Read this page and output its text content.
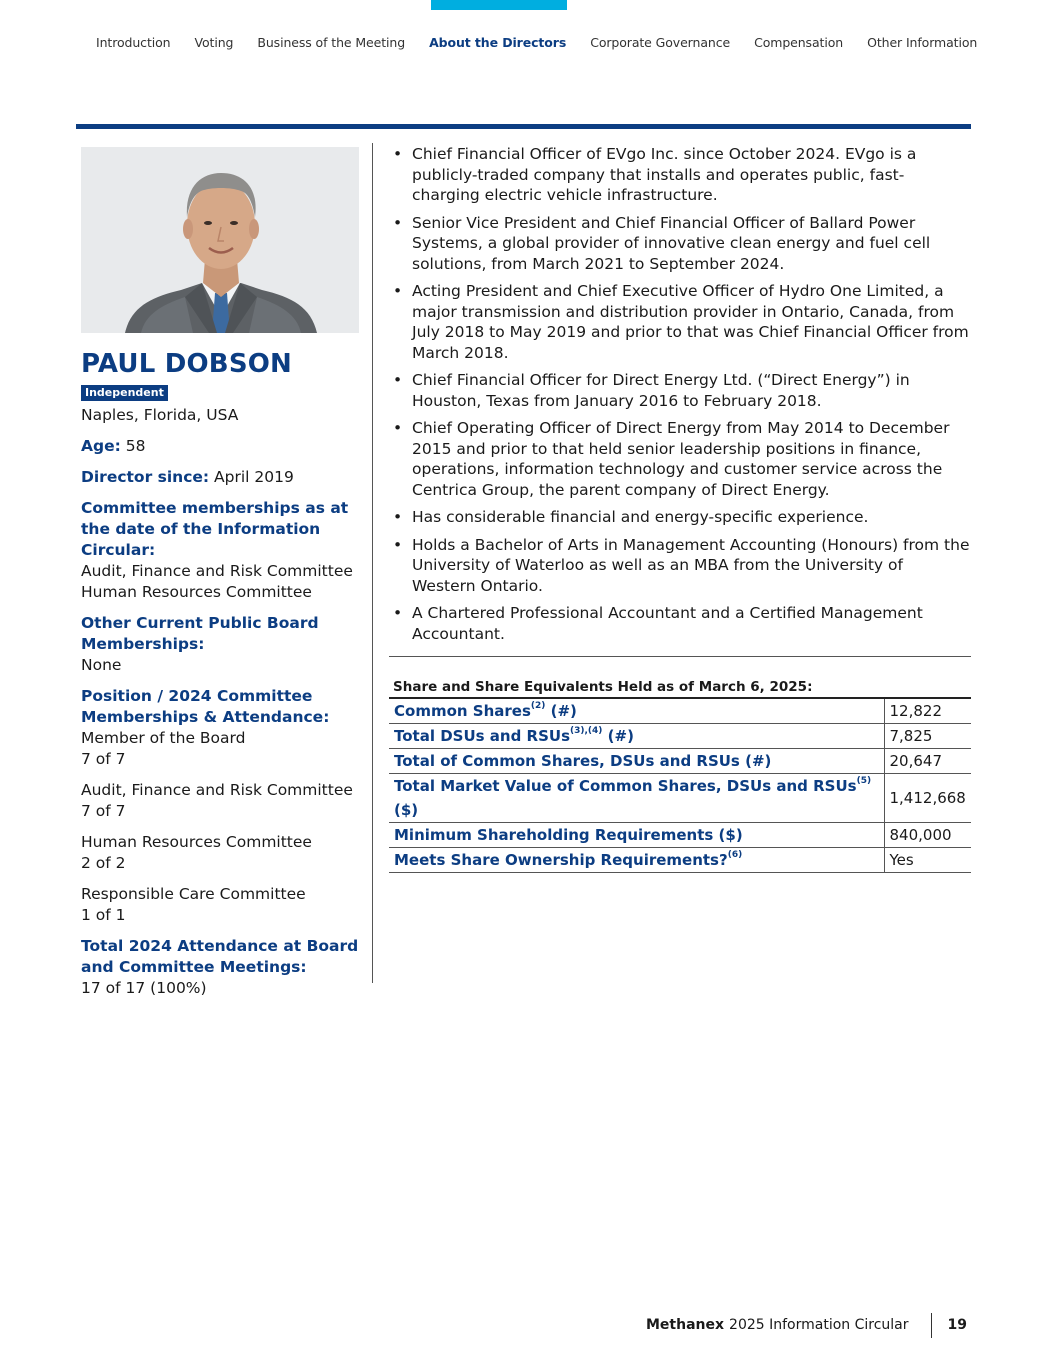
Introduction Voting Business of the Meeting About the Directors Corporate Governance Compensation Other Information
PAUL DOBSON
Independent

Naples, Florida, USA

Age: 58

Director since: April 2019

Committee memberships as at the date of the Information Circular:

Audit, Finance and Risk Committee

Human Resources Committee

Other Current Public Board Memberships:

None

Position / 2024 Committee Memberships & Attendance:

Member of the Board

7 of 7

Audit, Finance and Risk Committee

7 of 7

Human Resources Committee

2 of 2

Responsible Care Committee

1 of 1

Total 2024 Attendance at Board and Committee Meetings:

17 of 17 (100%)

• Chief Financial Officer of EVgo Inc. since October 2024. EVgo is a publicly-traded company that installs and operates public, fast-charging electric vehicle infrastructure.
• Senior Vice President and Chief Financial Officer of Ballard Power Systems, a global provider of innovative clean energy and fuel cell solutions, from March 2021 to September 2024.
• Acting President and Chief Executive Officer of Hydro One Limited, a major transmission and distribution provider in Ontario, Canada, from July 2018 to May 2019 and prior to that was Chief Financial Officer from March 2018.
• Chief Financial Officer for Direct Energy Ltd. (“Direct Energy”) in Houston, Texas from January 2016 to February 2018.
• Chief Operating Officer of Direct Energy from May 2014 to December 2015 and prior to that held senior leadership positions in finance, operations, information technology and customer service across the Centrica Group, the parent company of Direct Energy.
• Has considerable financial and energy-specific experience.
• Holds a Bachelor of Arts in Management Accounting (Honours) from the University of Waterloo as well as an MBA from the University of Western Ontario.
• A Chartered Professional Accountant and a Certified Management Accountant.
Share and Share Equivalents Held as of March 6, 2025:
Common Shares$^{(2)}$ (#)	12,822
Total DSUs and RSUs$^{(3),(4)}$ (#)	7,825
Total of Common Shares, DSUs and RSUs (#)	20,647
Total Market Value of Common Shares, DSUs and RSUs$^{(5)}$ ($)	1,412,668
Minimum Shareholding Requirements ($)	840,000
Meets Share Ownership Requirements?$^{(6)}$	Yes
Methanex 2025 Information Circular	19
